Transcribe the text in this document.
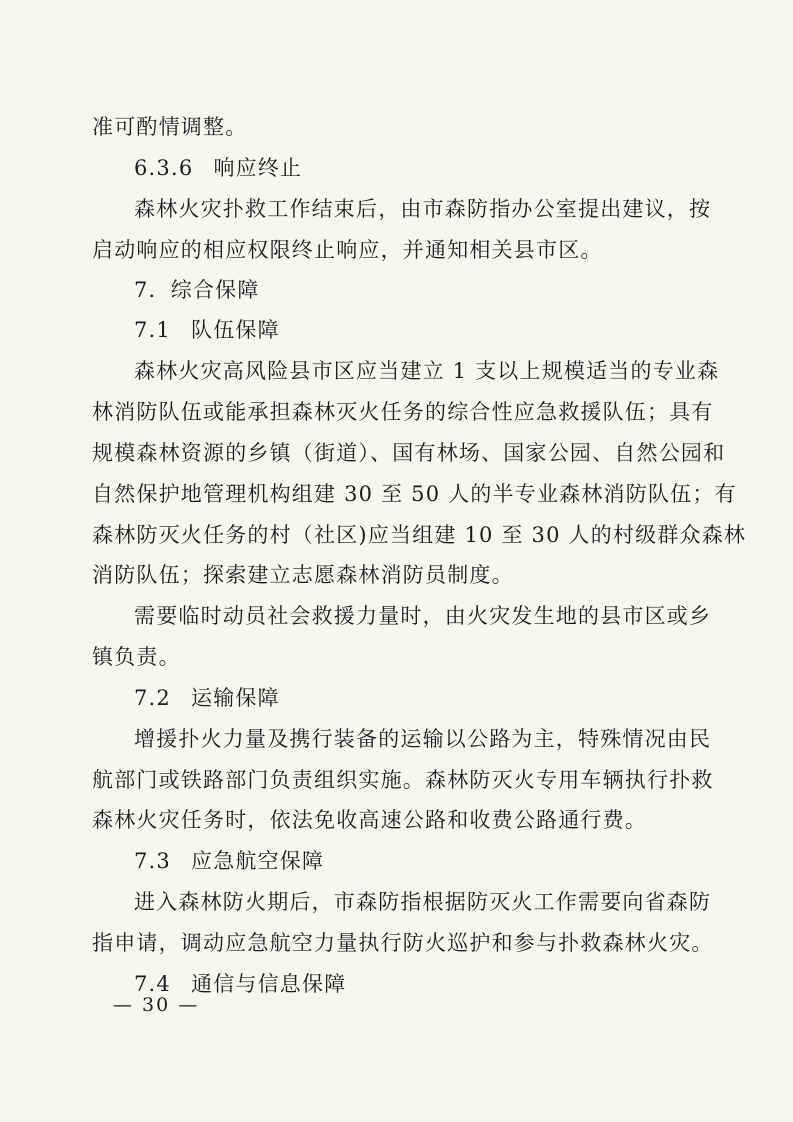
准可酌情调整。
6.3.6 响应终止
森林火灾扑救工作结束后，由市森防指办公室提出建议，按
启动响应的相应权限终止响应，并通知相关县市区。
7．综合保障
7.1 队伍保障
森林火灾高风险县市区应当建立 1 支以上规模适当的专业森
林消防队伍或能承担森林灭火任务的综合性应急救援队伍；具有
规模森林资源的乡镇（街道）、国有林场、国家公园、自然公园和
自然保护地管理机构组建 30 至 50 人的半专业森林消防队伍；有
森林防灭火任务的村（社区)应当组建 10 至 30 人的村级群众森林
消防队伍；探索建立志愿森林消防员制度。
需要临时动员社会救援力量时，由火灾发生地的县市区或乡
镇负责。
7.2 运输保障
增援扑火力量及携行装备的运输以公路为主，特殊情况由民
航部门或铁路部门负责组织实施。森林防灭火专用车辆执行扑救
森林火灾任务时，依法免收高速公路和收费公路通行费。
7.3 应急航空保障
进入森林防火期后，市森防指根据防灭火工作需要向省森防
指申请，调动应急航空力量执行防火巡护和参与扑救森林火灾。
7.4 通信与信息保障
— 30 —
